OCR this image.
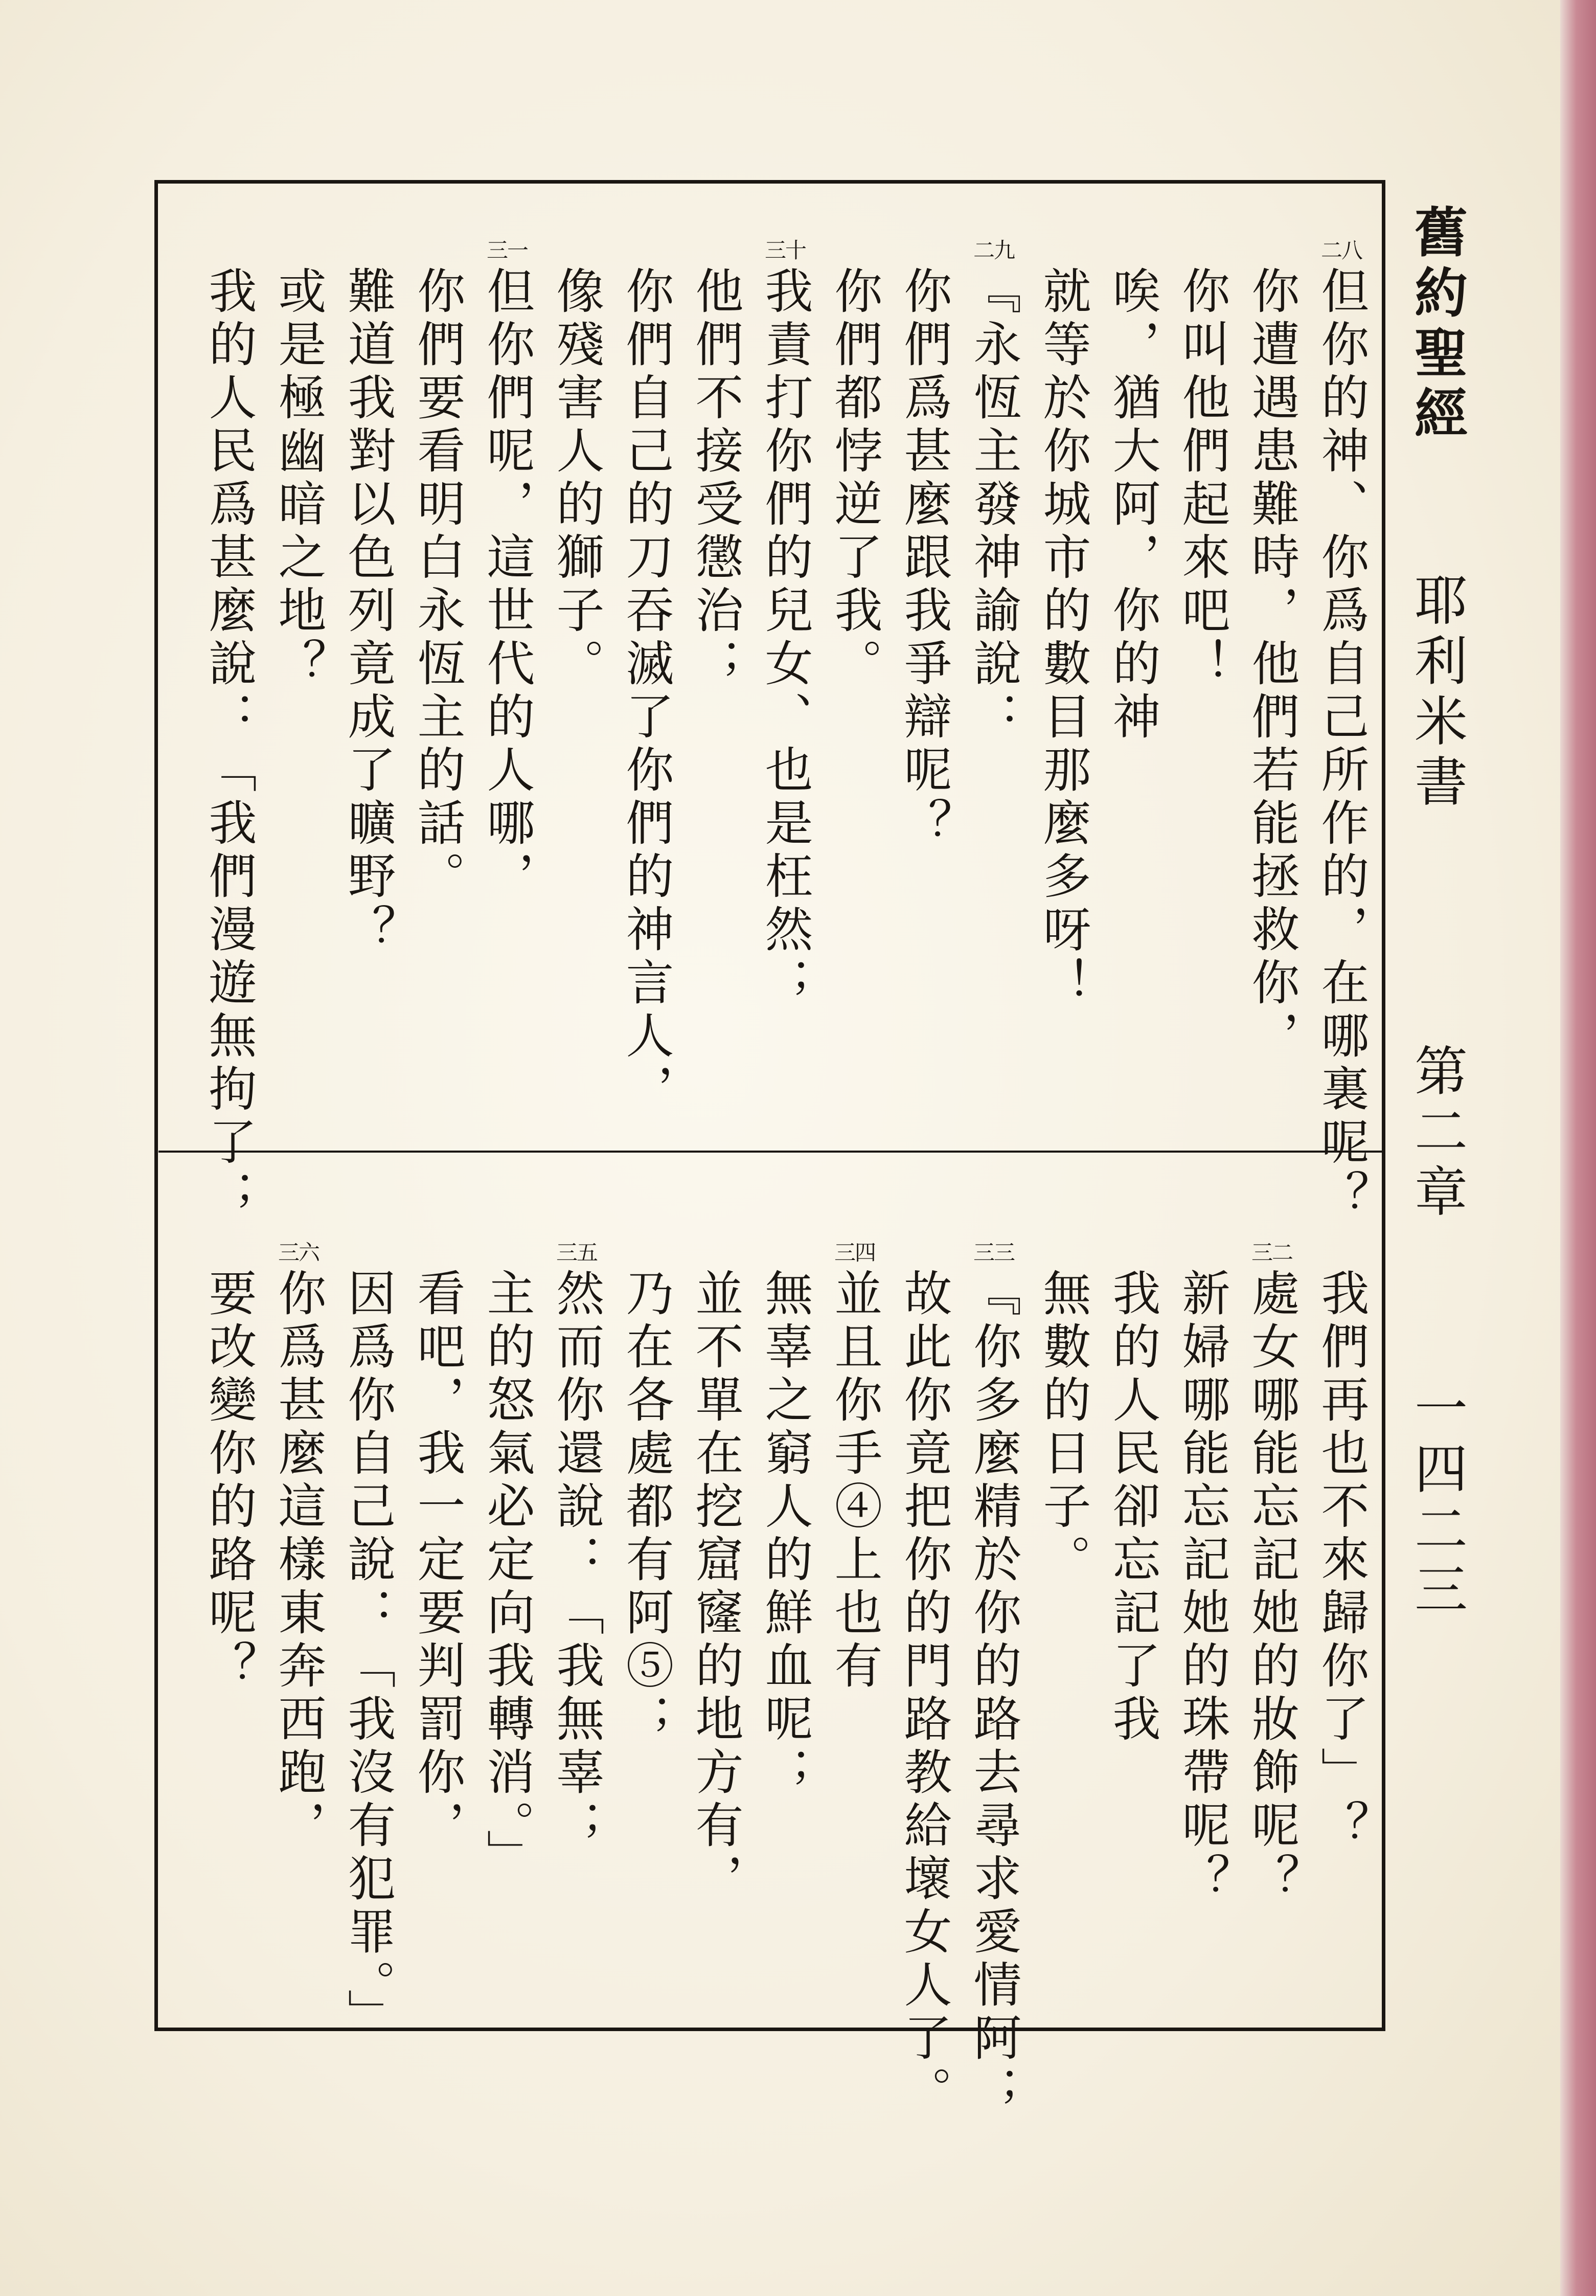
舊約聖經
耶利米書
第二章
一四二三
二八
但你的神、你爲自己所作的，在哪裏呢？
你遭遇患難時，他們若能拯救你，
你叫他們起來吧！
唉，猶大阿，你的神
就等於你城市的數目那麼多呀！
二九
『永恆主發神諭說：
你們爲甚麼跟我爭辯呢？
你們都悖逆了我。
三十
我責打你們的兒女、也是枉然；
他們不接受懲治；
你們自己的刀吞滅了你們的神言人，
像殘害人的獅子。
三一
但你們呢，這世代的人哪，
你們要看明白永恆主的話。
難道我對以色列竟成了曠野？
或是極幽暗之地？
我的人民爲甚麼說：「我們漫遊無拘了；
我們再也不來歸你了」？
三二
處女哪能忘記她的妝飾呢？
新婦哪能忘記她的珠帶呢？
我的人民卻忘記了我
無數的日子。
三三
『你多麼精於你的路去尋求愛情阿；
故此你竟把你的門路教給壞女人了。
三四
並且你手④上也有
無辜之窮人的鮮血呢；
並不單在挖窟窿的地方有，
乃在各處都有阿⑤；
三五
然而你還說：「我無辜；
主的怒氣必定向我轉消。」
看吧，我一定要判罰你，
因爲你自己說：「我沒有犯罪。」
三六
你爲甚麼這樣東奔西跑，
要改變你的路呢？
